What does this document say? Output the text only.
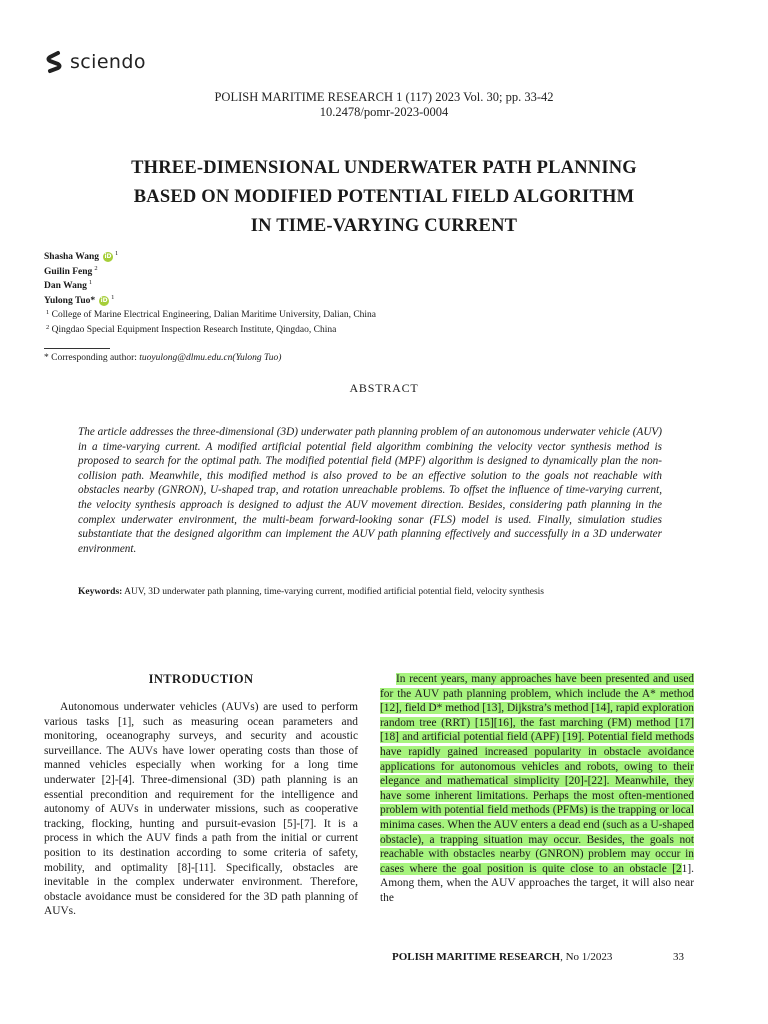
sciendo
POLISH MARITIME RESEARCH 1 (117) 2023 Vol. 30; pp. 33-42
10.2478/pomr-2023-0004
THREE-DIMENSIONAL UNDERWATER PATH PLANNING
BASED ON MODIFIED POTENTIAL FIELD ALGORITHM
IN TIME-VARYING CURRENT
Shasha Wang iD 1
Guilin Feng 2
Dan Wang 1
Yulong Tuo* iD 1
$^1$ College of Marine Electrical Engineering, Dalian Maritime University, Dalian, China
$^2$ Qingdao Special Equipment Inspection Research Institute, Qingdao, China
* Corresponding author: tuoyulong@dlmu.edu.cn(Yulong Tuo)
ABSTRACT

The article addresses the three-dimensional (3D) underwater path planning problem of an autonomous underwater vehicle (AUV) in a time-varying current. A modified artificial potential field algorithm combining the velocity vector synthesis method is proposed to search for the optimal path. The modified potential field (MPF) algorithm is designed to dynamically plan the non-collision path. Meanwhile, this modified method is also proved to be an effective solution to the goals not reachable with obstacles nearby (GNRON), U-shaped trap, and rotation unreachable problems. To offset the influence of time-varying current, the velocity synthesis approach is designed to adjust the AUV movement direction. Besides, considering path planning in the complex underwater environment, the multi-beam forward-looking sonar (FLS) model is used. Finally, simulation studies substantiate that the designed algorithm can implement the AUV path planning effectively and successfully in a 3D underwater environment.

Keywords: AUV, 3D underwater path planning, time-varying current, modified artificial potential field, velocity synthesis
INTRODUCTION

Autonomous underwater vehicles (AUVs) are used to perform various tasks [1], such as measuring ocean parameters and monitoring, oceanography surveys, and security and acoustic surveillance. The AUVs have lower operating costs than those of manned vehicles especially when working for a long time underwater [2]-[4]. Three-dimensional (3D) path planning is an essential precondition and requirement for the intelligence and autonomy of AUVs in underwater missions, such as cooperative tracking, flocking, hunting and pursuit-evasion [5]-[7]. It is a process in which the AUV finds a path from the initial or current position to its destination according to some criteria of safety, mobility, and optimality [8]-[11]. Specifically, obstacles are inevitable in the complex underwater environment. Therefore, obstacle avoidance must be considered for the 3D path planning of AUVs.

In recent years, many approaches have been presented and used for the AUV path planning problem, which include the A* method [12], field D* method [13], Dijkstra’s method [14], rapid exploration random tree (RRT) [15][16], the fast marching (FM) method [17][18] and artificial potential field (APF) [19]. Potential field methods have rapidly gained increased popularity in obstacle avoidance applications for autonomous vehicles and robots, owing to their elegance and mathematical simplicity [20]-[22]. Meanwhile, they have some inherent limitations. Perhaps the most often-mentioned problem with potential field methods (PFMs) is the trapping or local minima cases. When the AUV enters a dead end (such as a U-shaped obstacle), a trapping situation may occur. Besides, the goals not reachable with obstacles nearby (GNRON) problem may occur in cases where the goal position is quite close to an obstacle [21]. Among them, when the AUV approaches the target, it will also near the

POLISH MARITIME RESEARCH, No 1/2023	33
